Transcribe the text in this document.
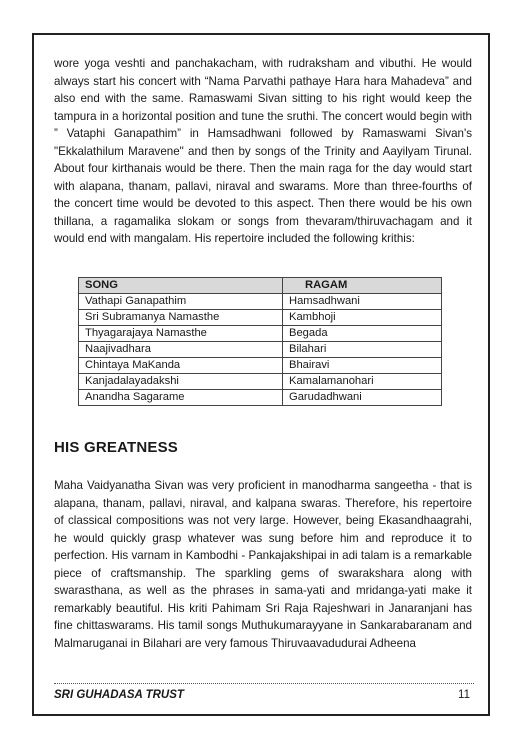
wore yoga veshti and panchakacham, with rudraksham and vibuthi. He would always start his concert with “Nama Parvathi pathaye Hara hara Mahadeva” and also end with the same. Ramaswami Sivan sitting to his right would keep the tampura in a horizontal position and tune the sruthi. The concert would begin with ” Vataphi Ganapathim” in Hamsadhwani followed by Ramaswami Sivan's "Ekkalathilum Maravene" and then by songs of the Trinity and Aayilyam Tirunal. About four kirthanais would be there. Then the main raga for the day would start with alapana, thanam, pallavi, niraval and swarams. More than three-fourths of the concert time would be devoted to this aspect. Then there would be his own thillana, a ragamalika slokam or songs from thevaram/thiruvachagam and it would end with mangalam. His repertoire included the following krithis:

SONG	RAGAM
Vathapi Ganapathim	Hamsadhwani
Sri Subramanya Namasthe	Kambhoji
Thyagarajaya Namasthe	Begada
Naajivadhara	Bilahari
Chintaya MaKanda	Bhairavi
Kanjadalayadakshi	Kamalamanohari
Anandha Sagarame	Garudadhwani
HIS GREATNESS

Maha Vaidyanatha Sivan was very proficient in manodharma sangeetha - that is alapana, thanam, pallavi, niraval, and kalpana swaras. Therefore, his repertoire of classical compositions was not very large. However, being Ekasandhaagrahi, he would quickly grasp whatever was sung before him and reproduce it to perfection. His varnam in Kambodhi - Pankajakshipai in adi talam is a remarkable piece of craftsmanship. The sparkling gems of swarakshara along with swarasthana, as well as the phrases in sama-yati and mridanga-yati make it remarkably beautiful. His kriti Pahimam Sri Raja Rajeshwari in Janaranjani has fine chittaswarams. His tamil songs Muthukumarayyane in Sankarabaranam and Malmaruganai in Bilahari are very famous Thiruvaavadudurai Adheena

SRI GUHADASA TRUST	11
